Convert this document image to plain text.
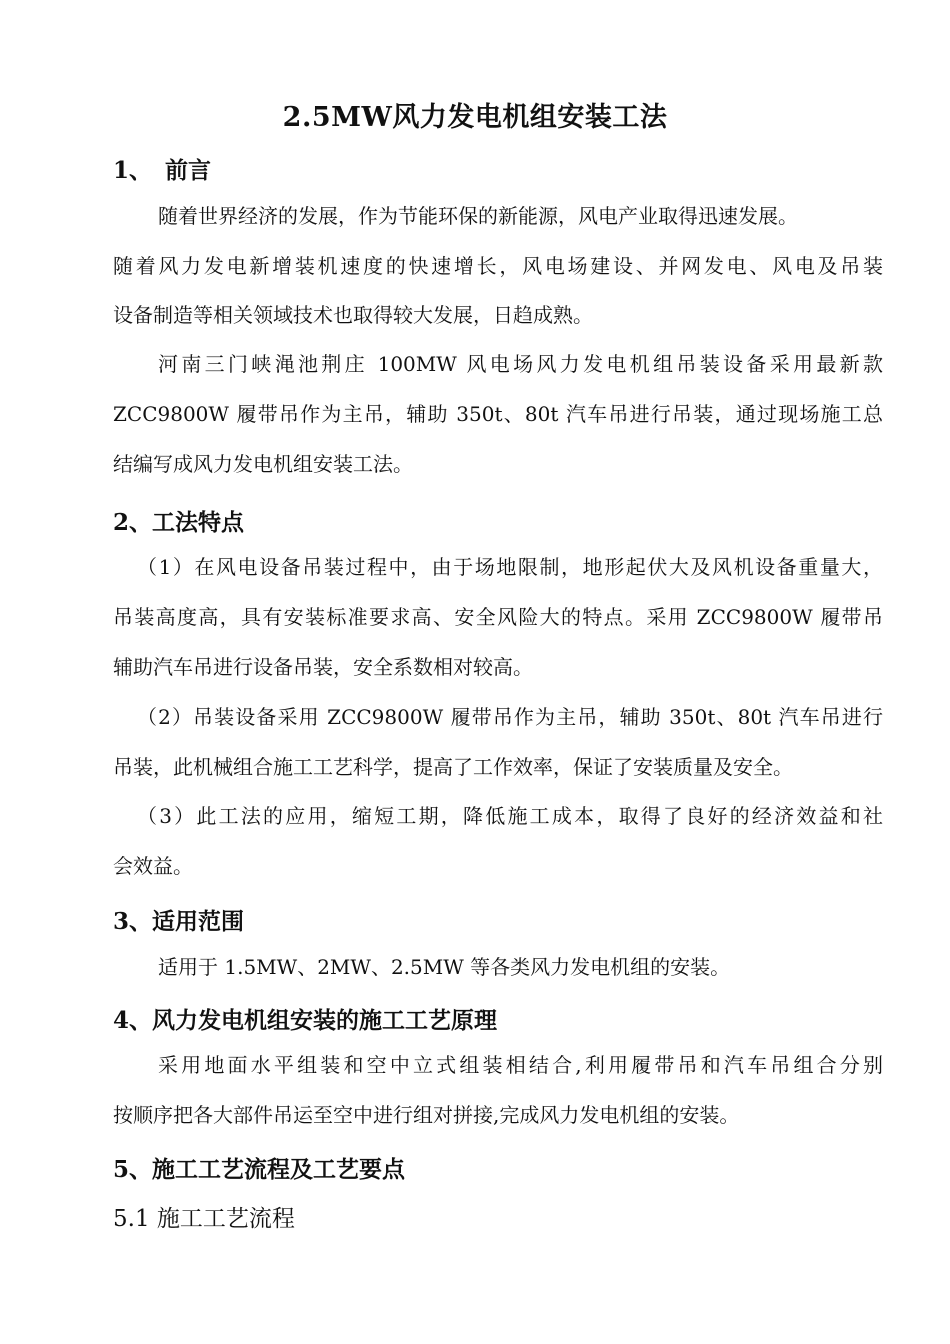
2.5MW风力发电机组安装工法
1、 前言
随着世界经济的发展，作为节能环保的新能源，风电产业取得迅速发展。
随着风力发电新增装机速度的快速增长，风电场建设、并网发电、风电及吊装
设备制造等相关领域技术也取得较大发展，日趋成熟。
河南三门峡渑池荆庄 100MW 风电场风力发电机组吊装设备采用最新款
ZCC9800W 履带吊作为主吊，辅助 350t、80t 汽车吊进行吊装，通过现场施工总
结编写成风力发电机组安装工法。
2、工法特点
（1）在风电设备吊装过程中，由于场地限制，地形起伏大及风机设备重量大，
吊装高度高，具有安装标准要求高、安全风险大的特点。采用 ZCC9800W 履带吊
辅助汽车吊进行设备吊装，安全系数相对较高。
（2）吊装设备采用 ZCC9800W 履带吊作为主吊，辅助 350t、80t 汽车吊进行
吊装，此机械组合施工工艺科学，提高了工作效率，保证了安装质量及安全。
（3）此工法的应用，缩短工期，降低施工成本，取得了良好的经济效益和社
会效益。
3、适用范围
适用于 1.5MW、2MW、2.5MW 等各类风力发电机组的安装。
4、风力发电机组安装的施工工艺原理
采用地面水平组装和空中立式组装相结合,利用履带吊和汽车吊组合分别
按顺序把各大部件吊运至空中进行组对拼接,完成风力发电机组的安装。
5、施工工艺流程及工艺要点
5.1 施工工艺流程
